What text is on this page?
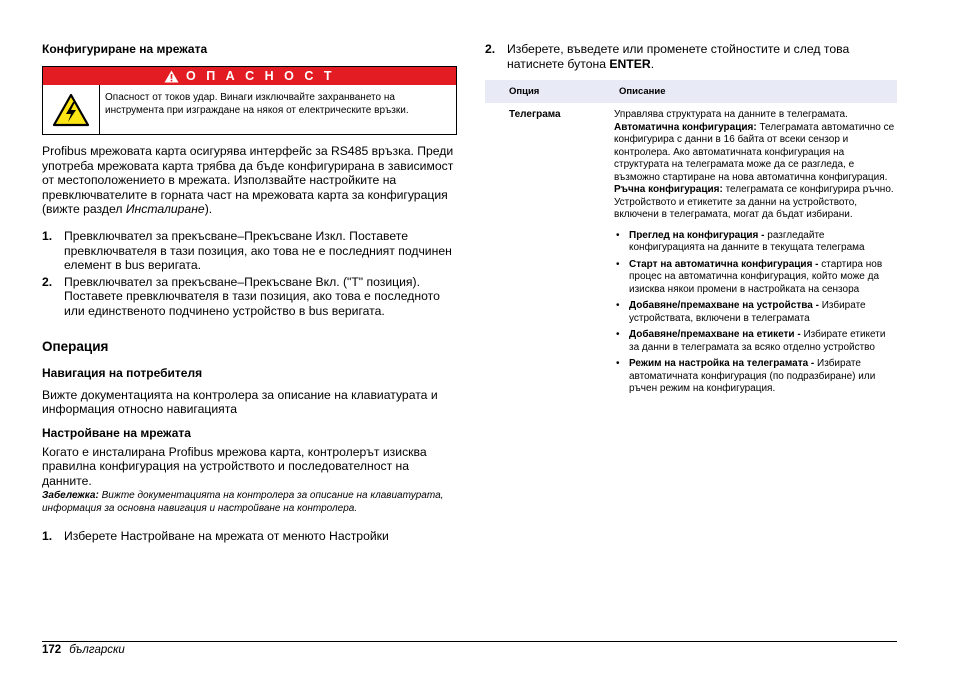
Конфигуриране на мрежата
О П А С Н О С Т
Опасност от токов удар. Винаги изключвайте захранването на инструмента при изграждане на някоя от електрическите връзки.
Profibus мрежовата карта осигурява интерфейс за RS485 връзка. Преди употреба мрежовата карта трябва да бъде конфигурирана в зависимост от местоположението в мрежата. Използвайте настройките на превключвателите в горната част на мрежовата карта за конфигурация (вижте раздел Инсталиране).
1. Превключвател за прекъсване–Прекъсване Изкл. Поставете превключвателя в тази позиция, ако това не е последният подчинен елемент в bus веригата.
2. Превключвател за прекъсване–Прекъсване Вкл. ("T" позиция). Поставете превключвателя в тази позиция, ако това е последното или единственото подчинено устройство в bus веригата.
Операция
Навигация на потребителя
Вижте документацията на контролера за описание на клавиатурата и информация относно навигацията
Настройване на мрежата
Когато е инсталирана Profibus мрежова карта, контролерът изисква правилна конфигурация на устройството и последователност на данните.
Забележка: Вижте документацията на контролера за описание на клавиатурата, информация за основна навигация и настройване на контролера.
1. Изберете Настройване на мрежата от менюто Настройки
2. Изберете, въведете или променете стойностите и след това натиснете бутона ENTER.
Опция	Описание
Телеграма	Управлява структурата на данните в телеграмата. Автоматична конфигурация: Телеграмата автоматично се конфигурира с данни в 16 байта от всеки сензор и контролера. Ако автоматичната конфигурация на структурата на телеграмата може да се разгледа, е възможно стартиране на нова автоматична конфигурация. Ръчна конфигурация: телеграмата се конфигурира ръчно. Устройството и етикетите за данни на устройството, включени в телеграмата, могат да бъдат избирани.
• Преглед на конфигурация - разгледайте конфигурацията на данните в текущата телеграма
• Старт на автоматична конфигурация - стартира нов процес на автоматична конфигурация, който може да изисква някои промени в настройката на сензора
• Добавяне/премахване на устройства - Избирате устройствата, включени в телеграмата
• Добавяне/премахване на етикети - Избирате етикети за данни в телеграмата за всяко отделно устройство
• Режим на настройка на телеграмата - Избирате автоматичната конфигурация (по подразбиране) или ръчен режим на конфигурация.
172 български
